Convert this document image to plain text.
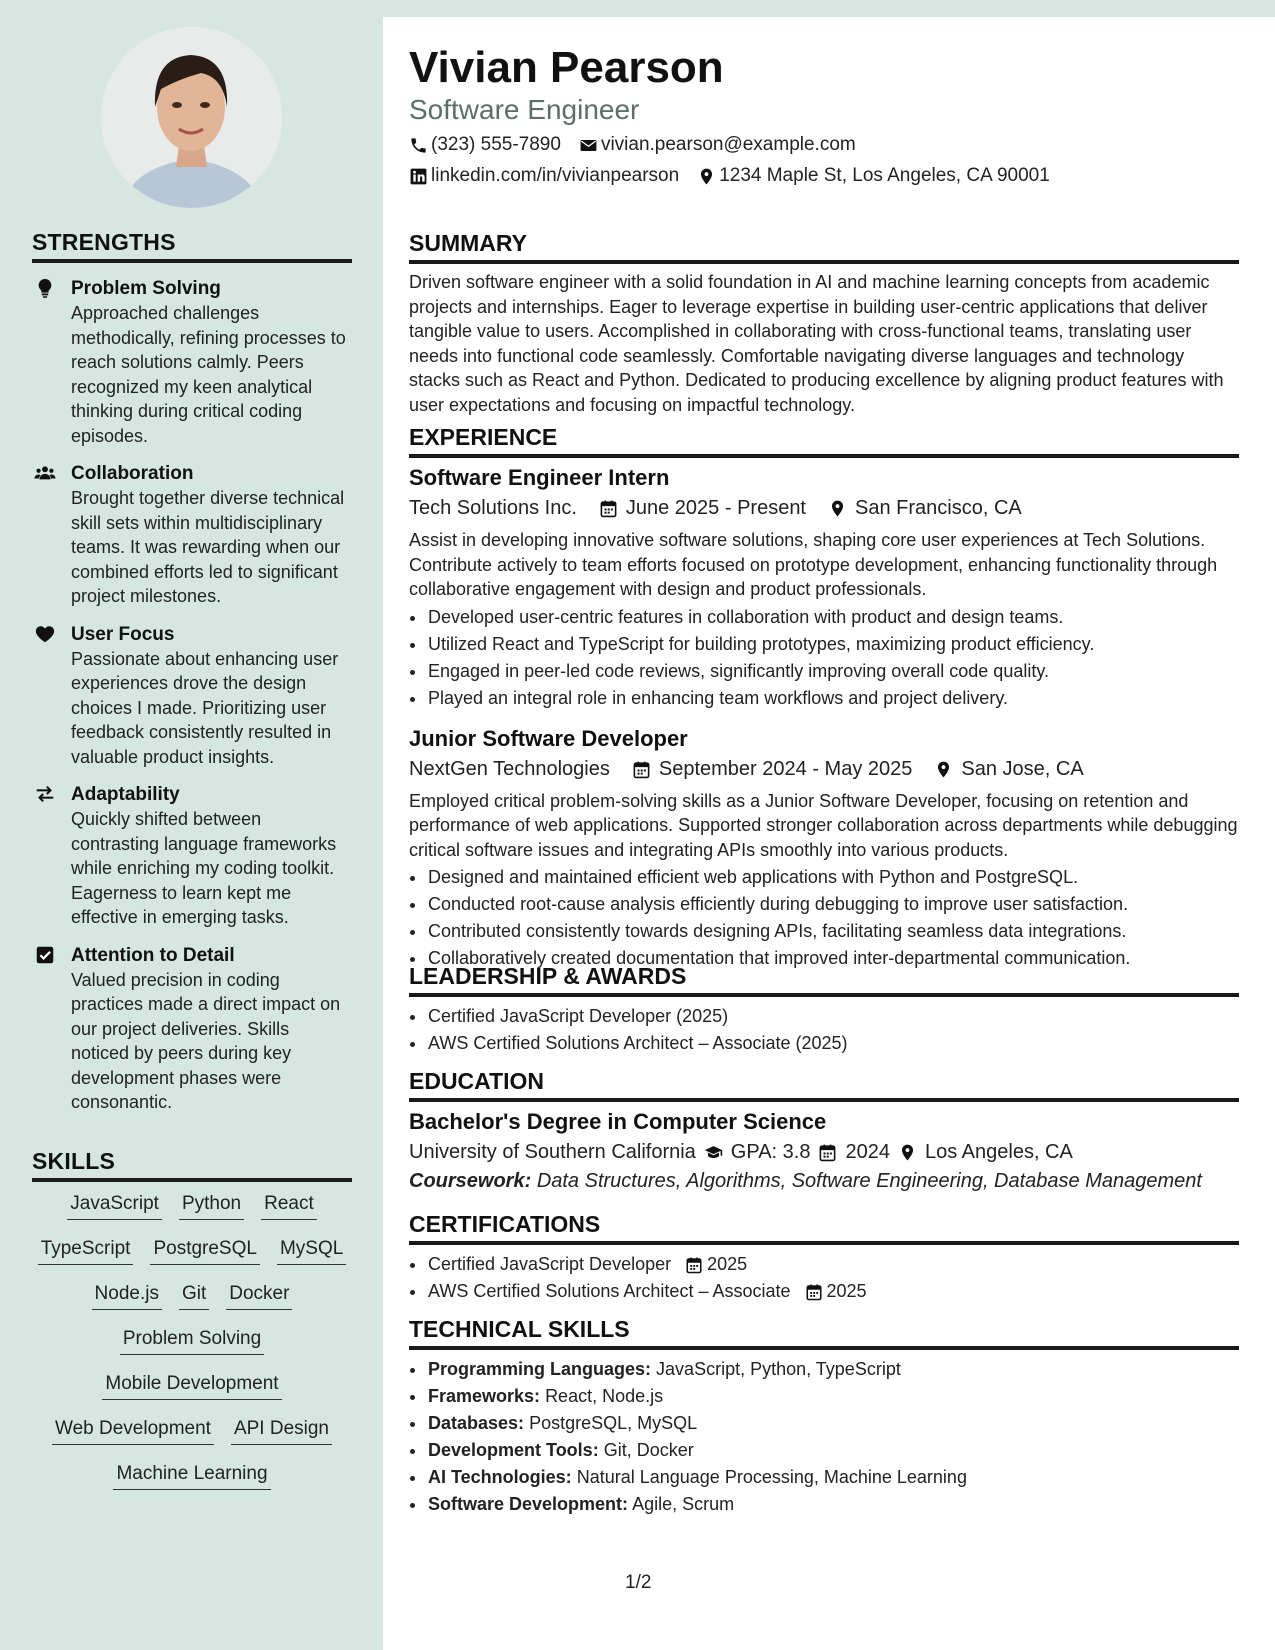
STRENGTHS
Problem Solving
Approached challenges methodically, refining processes to reach solutions calmly. Peers recognized my keen analytical thinking during critical coding episodes.
Collaboration
Brought together diverse technical skill sets within multidisciplinary teams. It was rewarding when our combined efforts led to significant project milestones.
User Focus
Passionate about enhancing user experiences drove the design choices I made. Prioritizing user feedback consistently resulted in valuable product insights.
Adaptability
Quickly shifted between contrasting language frameworks while enriching my coding toolkit. Eagerness to learn kept me effective in emerging tasks.
Attention to Detail
Valued precision in coding practices made a direct impact on our project deliveries. Skills noticed by peers during key development phases were consonantic.
SKILLS
JavaScript Python React
TypeScript PostgreSQL MySQL
Node.js Git Docker
Problem Solving
Mobile Development
Web Development API Design
Machine Learning
Vivian Pearson
Software Engineer
(323) 555-7890 vivian.pearson@example.com
linkedin.com/in/vivianpearson 1234 Maple St, Los Angeles, CA 90001
SUMMARY

Driven software engineer with a solid foundation in AI and machine learning concepts from academic projects and internships. Eager to leverage expertise in building user-centric applications that deliver tangible value to users. Accomplished in collaborating with cross-functional teams, translating user needs into functional code seamlessly. Comfortable navigating diverse languages and technology stacks such as React and Python. Dedicated to producing excellence by aligning product features with user expectations and focusing on impactful technology.

EXPERIENCE
Software Engineer Intern
Tech Solutions Inc. June 2025 - Present San Francisco, CA

Assist in developing innovative software solutions, shaping core user experiences at Tech Solutions. Contribute actively to team efforts focused on prototype development, enhancing functionality through collaborative engagement with design and product professionals.

• Developed user-centric features in collaboration with product and design teams.
• Utilized React and TypeScript for building prototypes, maximizing product efficiency.
• Engaged in peer-led code reviews, significantly improving overall code quality.
• Played an integral role in enhancing team workflows and project delivery.
Junior Software Developer
NextGen Technologies September 2024 - May 2025 San Jose, CA

Employed critical problem-solving skills as a Junior Software Developer, focusing on retention and performance of web applications. Supported stronger collaboration across departments while debugging critical software issues and integrating APIs smoothly into various products.

• Designed and maintained efficient web applications with Python and PostgreSQL.
• Conducted root-cause analysis efficiently during debugging to improve user satisfaction.
• Contributed consistently towards designing APIs, facilitating seamless data integrations.
• Collaboratively created documentation that improved inter-departmental communication.
LEADERSHIP & AWARDS
• Certified JavaScript Developer (2025)
• AWS Certified Solutions Architect – Associate (2025)
EDUCATION
Bachelor's Degree in Computer Science
University of Southern California GPA: 3.8 2024 Los Angeles, CA
Coursework: Data Structures, Algorithms, Software Engineering, Database Management
CERTIFICATIONS
• Certified JavaScript Developer 2025
• AWS Certified Solutions Architect – Associate 2025
TECHNICAL SKILLS
• Programming Languages: JavaScript, Python, TypeScript
• Frameworks: React, Node.js
• Databases: PostgreSQL, MySQL
• Development Tools: Git, Docker
• AI Technologies: Natural Language Processing, Machine Learning
• Software Development: Agile, Scrum
1/2
